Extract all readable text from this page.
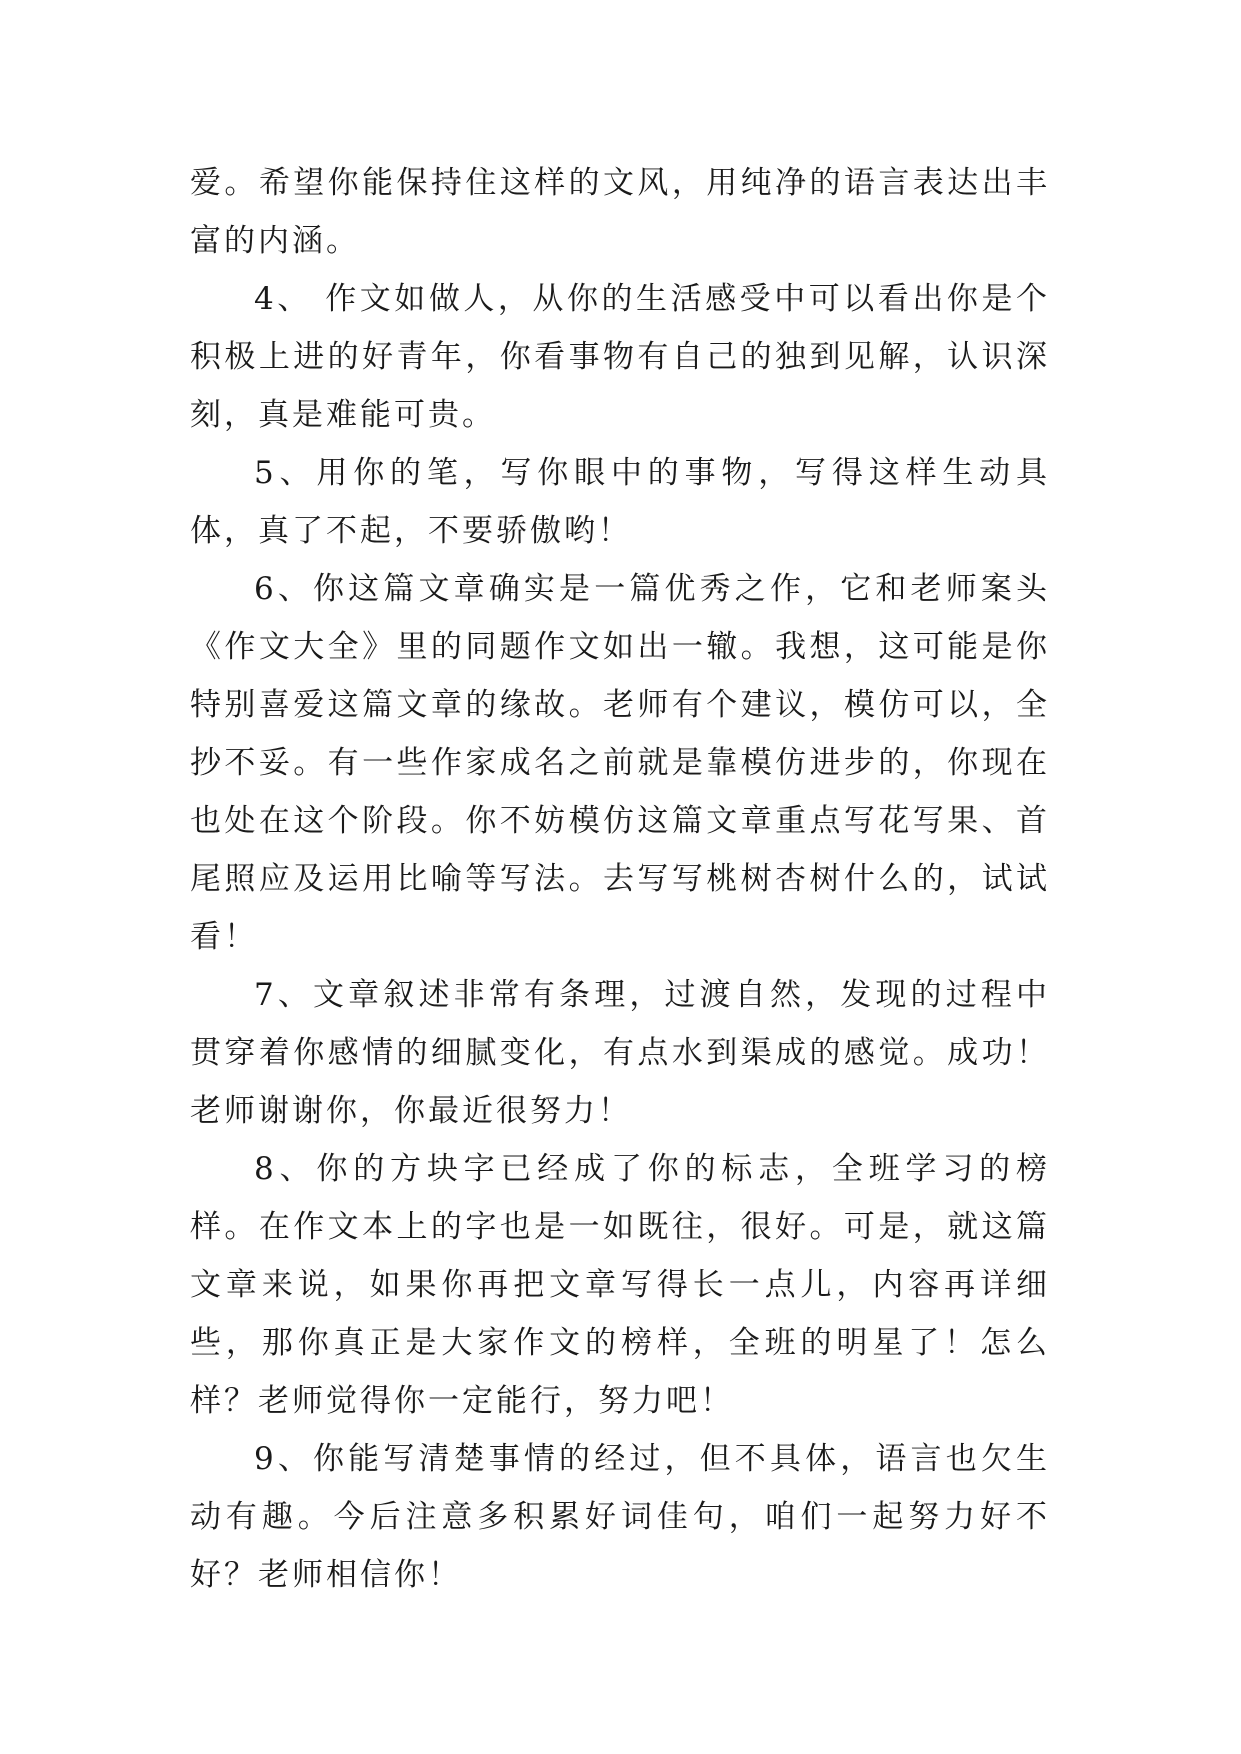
爱。希望你能保持住这样的文风，用纯净的语言表达出丰富的内涵。

4、 作文如做人，从你的生活感受中可以看出你是个积极上进的好青年，你看事物有自己的独到见解，认识深刻，真是难能可贵。

5、用你的笔，写你眼中的事物，写得这样生动具体，真了不起，不要骄傲哟！

6、你这篇文章确实是一篇优秀之作，它和老师案头《作文大全》里的同题作文如出一辙。我想，这可能是你特别喜爱这篇文章的缘故。老师有个建议，模仿可以，全抄不妥。有一些作家成名之前就是靠模仿进步的，你现在也处在这个阶段。你不妨模仿这篇文章重点写花写果、首尾照应及运用比喻等写法。去写写桃树杏树什么的，试试看！

7、文章叙述非常有条理，过渡自然，发现的过程中贯穿着你感情的细腻变化，有点水到渠成的感觉。成功！老师谢谢你，你最近很努力！

8、你的方块字已经成了你的标志，全班学习的榜样。在作文本上的字也是一如既往，很好。可是，就这篇文章来说，如果你再把文章写得长一点儿，内容再详细些，那你真正是大家作文的榜样，全班的明星了！怎么样？老师觉得你一定能行，努力吧！

9、你能写清楚事情的经过，但不具体，语言也欠生动有趣。今后注意多积累好词佳句，咱们一起努力好不好？老师相信你！
